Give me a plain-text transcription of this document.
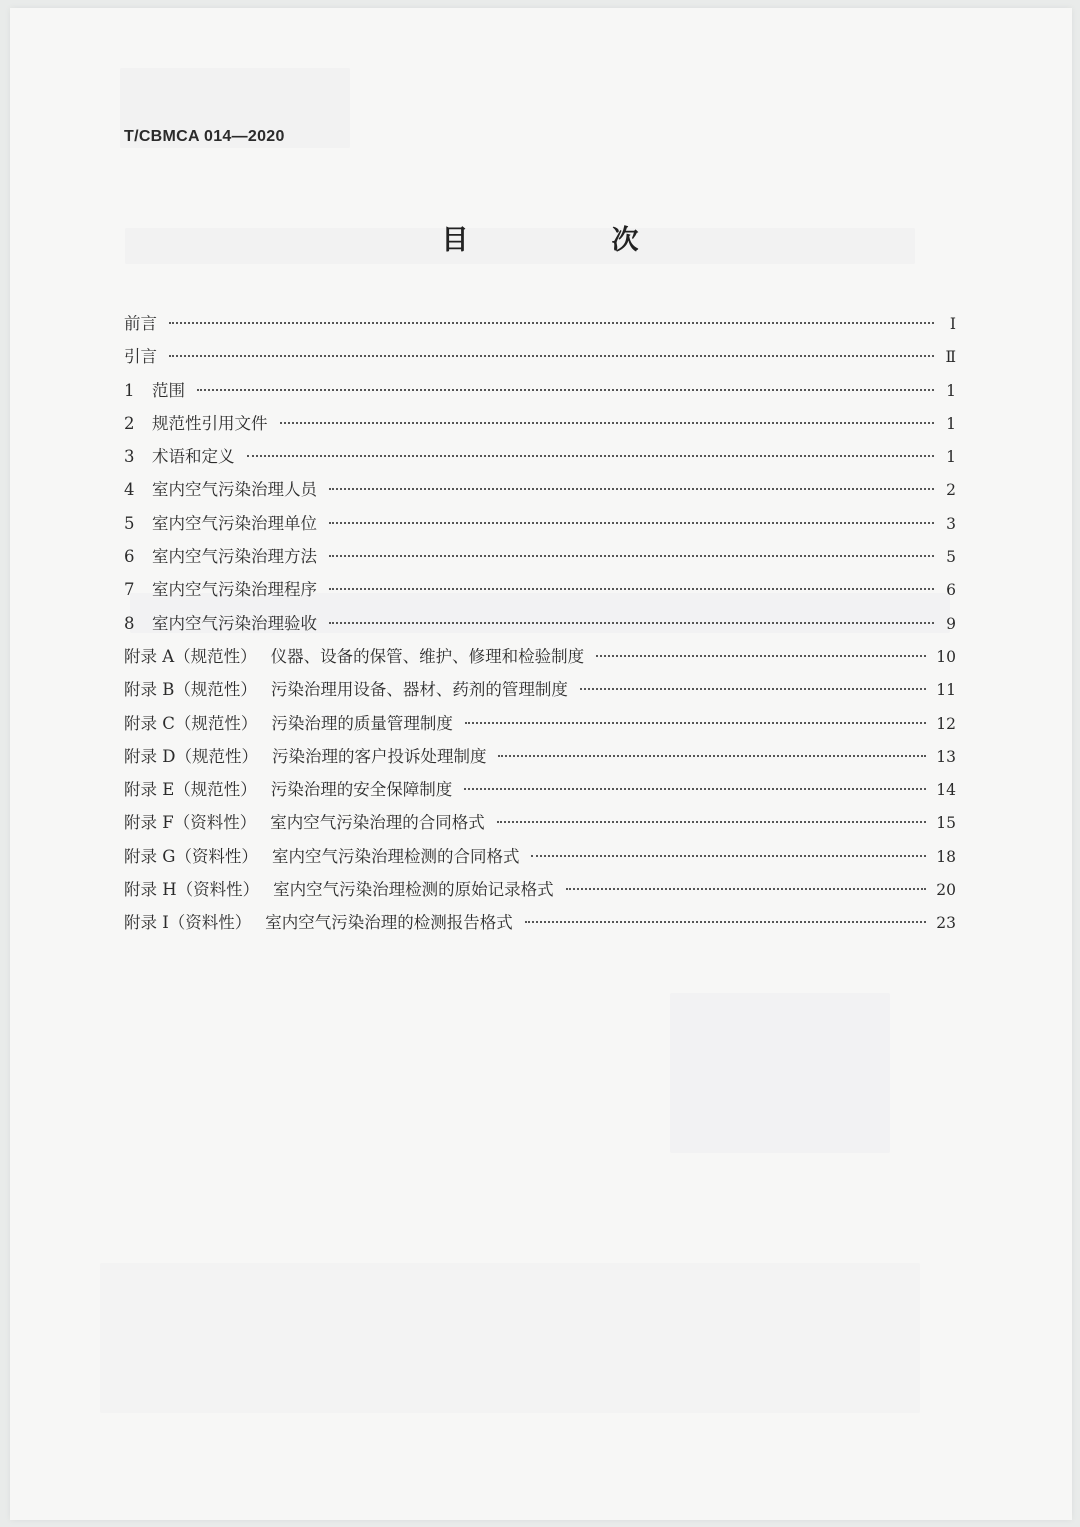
T/CBMCA 014—2020
目　次
前言	Ⅰ
引言	Ⅱ
1	范围	1
2	规范性引用文件	1
3	术语和定义	1
4	室内空气污染治理人员	2
5	室内空气污染治理单位	3
6	室内空气污染治理方法	5
7	室内空气污染治理程序	6
8	室内空气污染治理验收	9
附录 A（规范性） 仪器、设备的保管、维护、修理和检验制度	10
附录 B（规范性） 污染治理用设备、器材、药剂的管理制度	11
附录 C（规范性） 污染治理的质量管理制度	12
附录 D（规范性） 污染治理的客户投诉处理制度	13
附录 E（规范性） 污染治理的安全保障制度	14
附录 F（资料性） 室内空气污染治理的合同格式	15
附录 G（资料性） 室内空气污染治理检测的合同格式	18
附录 H（资料性） 室内空气污染治理检测的原始记录格式	20
附录 I（资料性） 室内空气污染治理的检测报告格式	23
